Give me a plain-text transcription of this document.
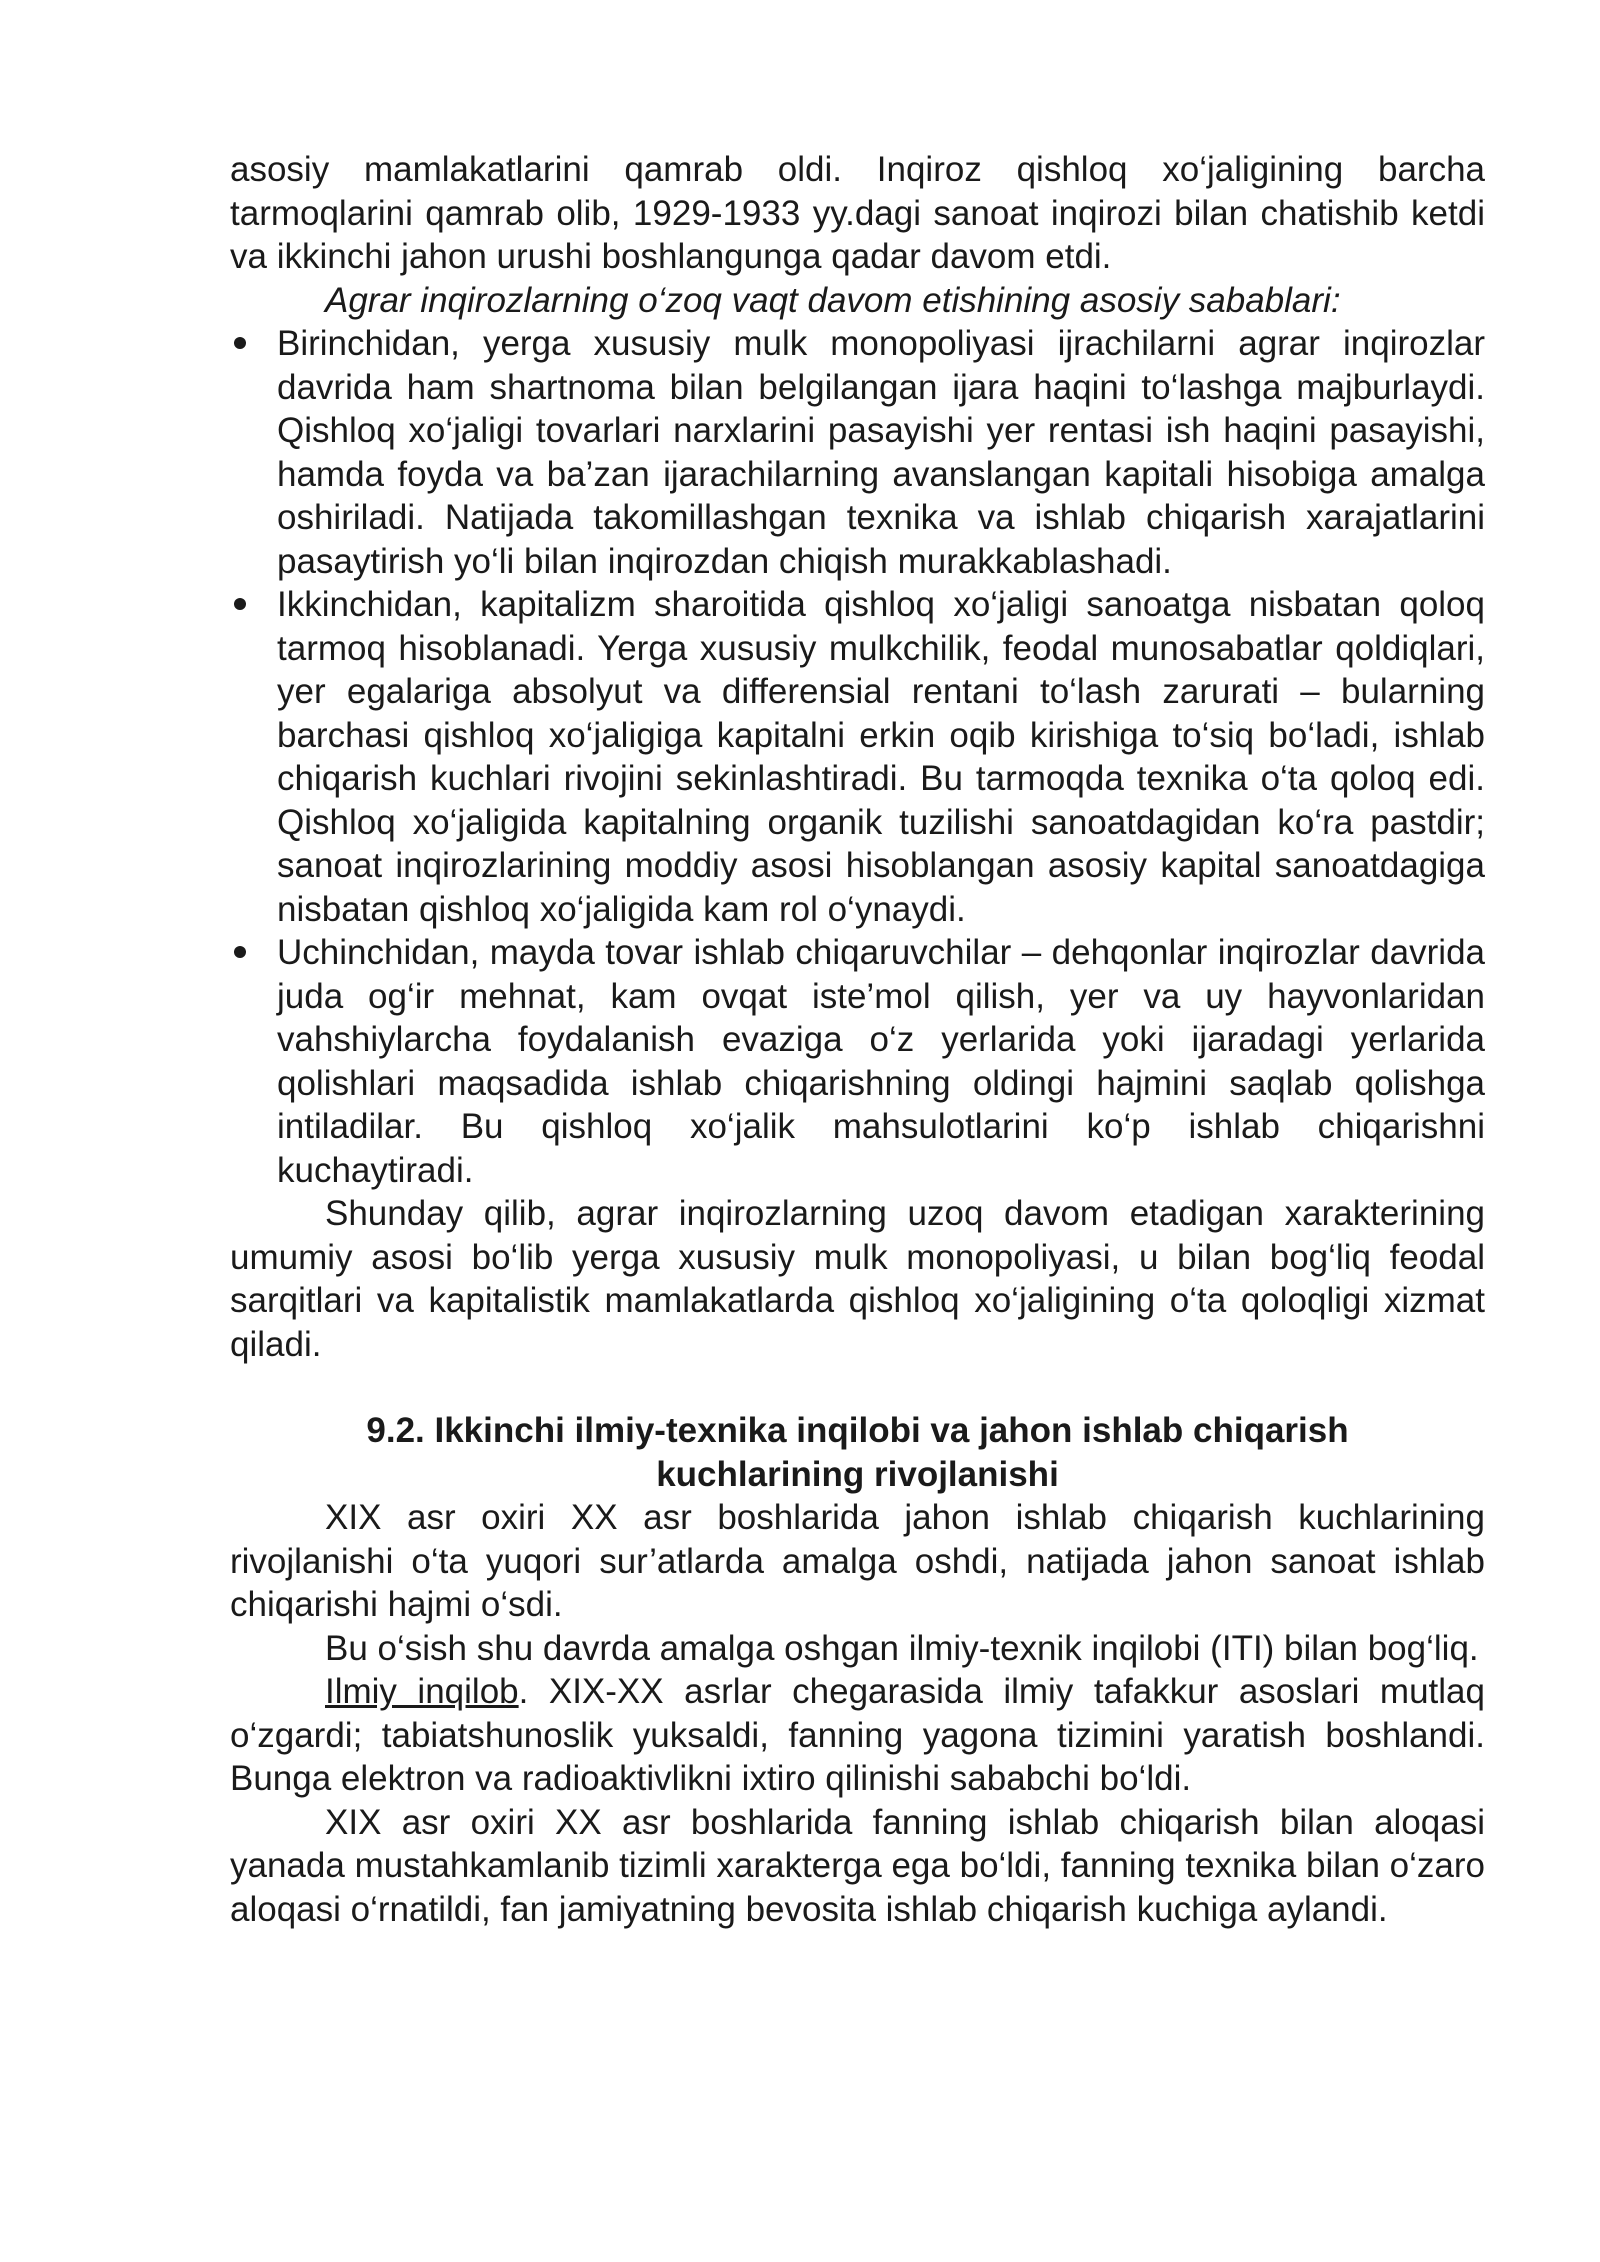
asosiy mamlakatlarini qamrab oldi. Inqiroz qishloq xo‘jaligining barcha tarmoqlarini qamrab olib, 1929-1933 yy.dagi sanoat inqirozi bilan chatishib ketdi va ikkinchi jahon urushi boshlangunga qadar davom etdi.

Agrar inqirozlarning o‘zoq vaqt davom etishining asosiy sabablari:

Birinchidan, yerga xususiy mulk monopoliyasi ijrachilarni agrar inqirozlar davrida ham shartnoma bilan belgilangan ijara haqini to‘lashga majburlaydi. Qishloq xo‘jaligi tovarlari narxlarini pasayishi yer rentasi ish haqini pasayishi, hamda foyda va ba’zan ijarachilarning avanslangan kapitali hisobiga amalga oshiriladi. Natijada takomillashgan texnika va ishlab chiqarish xarajatlarini pasaytirish yo‘li bilan inqirozdan chiqish murakkablashadi.
Ikkinchidan, kapitalizm sharoitida qishloq xo‘jaligi sanoatga nisbatan qoloq tarmoq hisoblanadi. Yerga xususiy mulkchilik, feodal munosabatlar qoldiqlari, yer egalariga absolyut va differensial rentani to‘lash zarurati – bularning barchasi qishloq xo‘jaligiga kapitalni erkin oqib kirishiga to‘siq bo‘ladi, ishlab chiqarish kuchlari rivojini sekinlashtiradi. Bu tarmoqda texnika o‘ta qoloq edi. Qishloq xo‘jaligida kapitalning organik tuzilishi sanoatdagidan ko‘ra pastdir; sanoat inqirozlarining moddiy asosi hisoblangan asosiy kapital sanoatdagiga nisbatan qishloq xo‘jaligida kam rol o‘ynaydi.
Uchinchidan, mayda tovar ishlab chiqaruvchilar – dehqonlar inqirozlar davrida juda og‘ir mehnat, kam ovqat iste’mol qilish, yer va uy hayvonlaridan vahshiylarcha foydalanish evaziga o‘z yerlarida yoki ijaradagi yerlarida qolishlari maqsadida ishlab chiqarishning oldingi hajmini saqlab qolishga intiladilar. Bu qishloq xo‘jalik mahsulotlarini ko‘p ishlab chiqarishni kuchaytiradi.

Shunday qilib, agrar inqirozlarning uzoq davom etadigan xarakterining umumiy asosi bo‘lib yerga xususiy mulk monopoliyasi, u bilan bog‘liq feodal sarqitlari va kapitalistik mamlakatlarda qishloq xo‘jaligining o‘ta qoloqligi xizmat qiladi.

9.2. Ikkinchi ilmiy-texnika inqilobi va jahon ishlab chiqarish
kuchlarining rivojlanishi

XIX asr oxiri XX asr boshlarida jahon ishlab chiqarish kuchlarining rivojlanishi o‘ta yuqori sur’atlarda amalga oshdi, natijada jahon sanoat ishlab chiqarishi hajmi o‘sdi.

Bu o‘sish shu davrda amalga oshgan ilmiy-texnik inqilobi (ITI) bilan bog‘liq.

Ilmiy inqilob. XIX-XX asrlar chegarasida ilmiy tafakkur asoslari mutlaq o‘zgardi; tabiatshunoslik yuksaldi, fanning yagona tizimini yaratish boshlandi. Bunga elektron va radioaktivlikni ixtiro qilinishi sababchi bo‘ldi.

XIX asr oxiri XX asr boshlarida fanning ishlab chiqarish bilan aloqasi yanada mustahkamlanib tizimli xarakterga ega bo‘ldi, fanning texnika bilan o‘zaro aloqasi o‘rnatildi, fan jamiyatning bevosita ishlab chiqarish kuchiga aylandi.
